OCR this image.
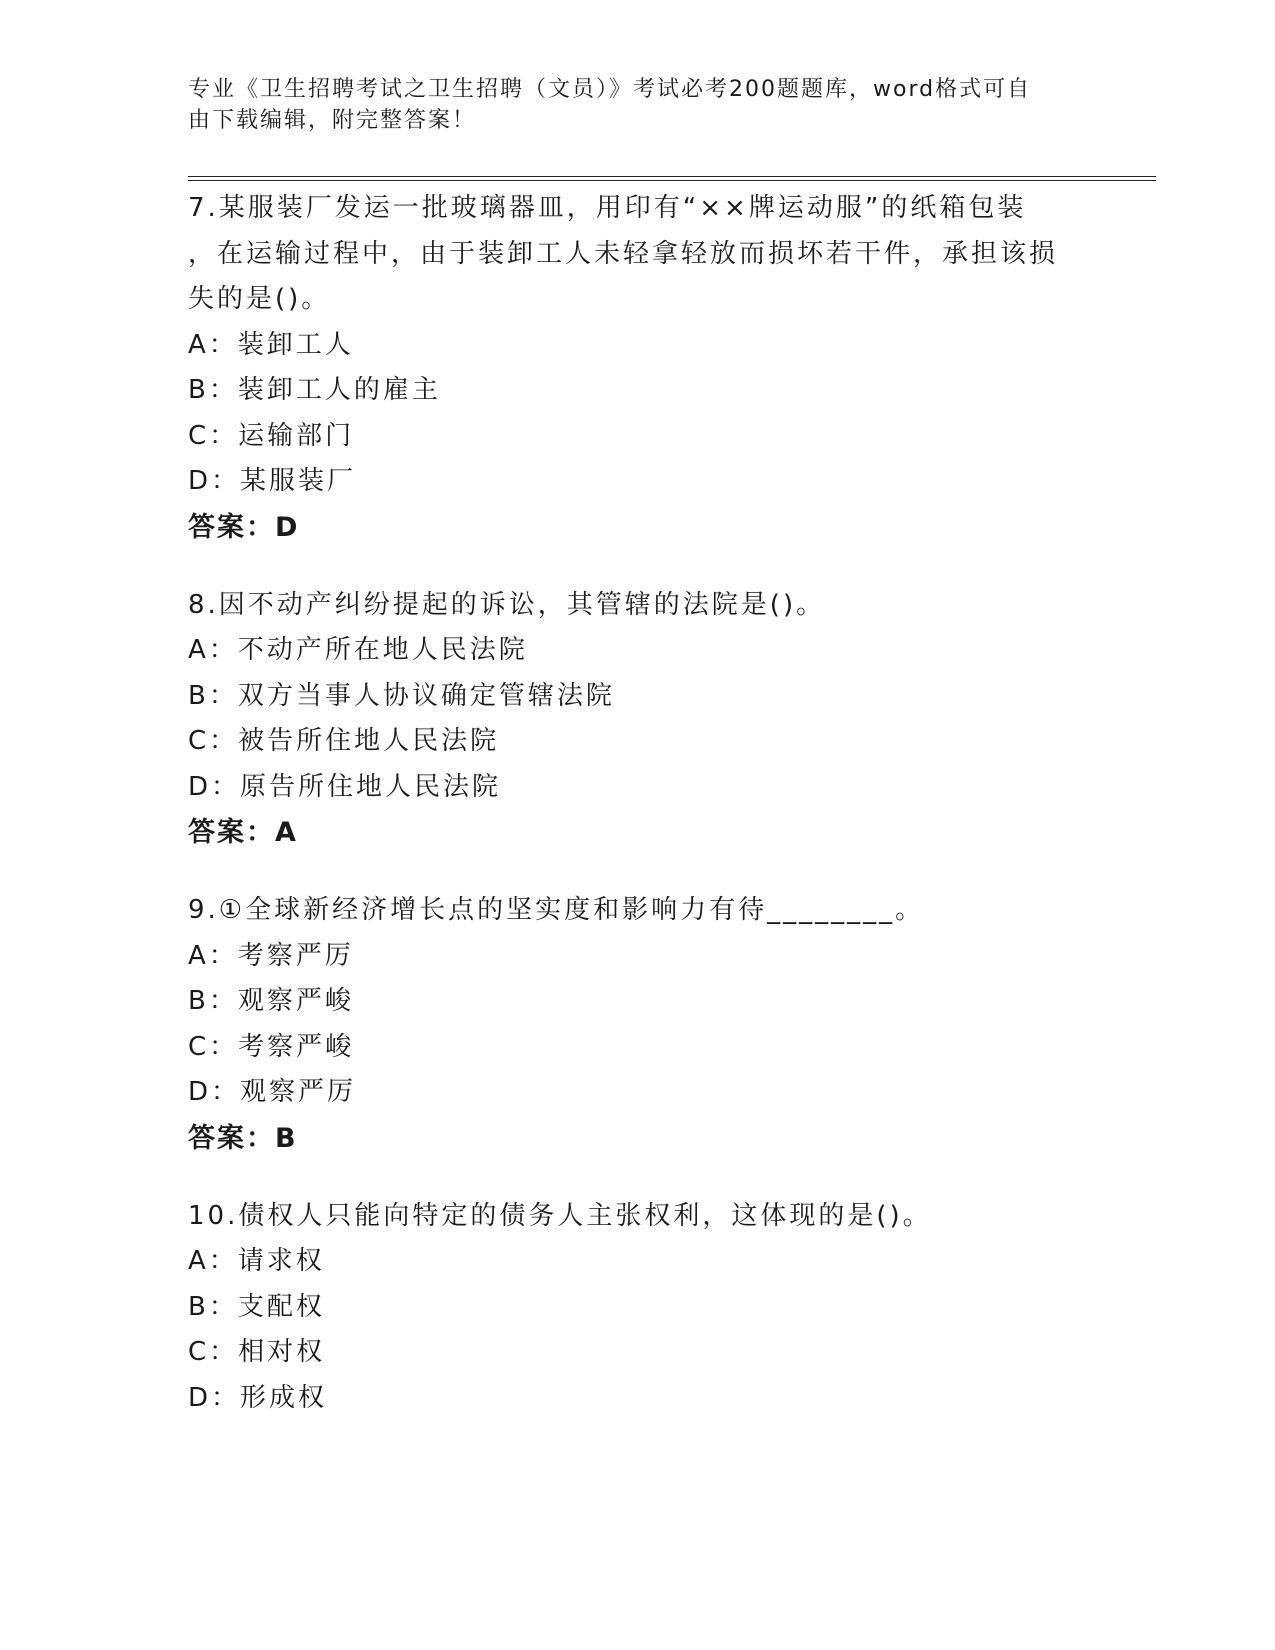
专业《卫生招聘考试之卫生招聘（文员）》考试必考200题题库，word格式可自
由下载编辑，附完整答案！

7.某服装厂发运一批玻璃器皿，用印有“××牌运动服”的纸箱包装

，在运输过程中，由于装卸工人未轻拿轻放而损坏若干件，承担该损

失的是()。

A：装卸工人

B：装卸工人的雇主

C：运输部门

D：某服装厂

答案：D

8.因不动产纠纷提起的诉讼，其管辖的法院是()。

A：不动产所在地人民法院

B：双方当事人协议确定管辖法院

C：被告所住地人民法院

D：原告所住地人民法院

答案：A

9.①全球新经济增长点的坚实度和影响力有待________。

A：考察严厉

B：观察严峻

C：考察严峻

D：观察严厉

答案：B

10.债权人只能向特定的债务人主张权利，这体现的是()。

A：请求权

B：支配权

C：相对权

D：形成权
